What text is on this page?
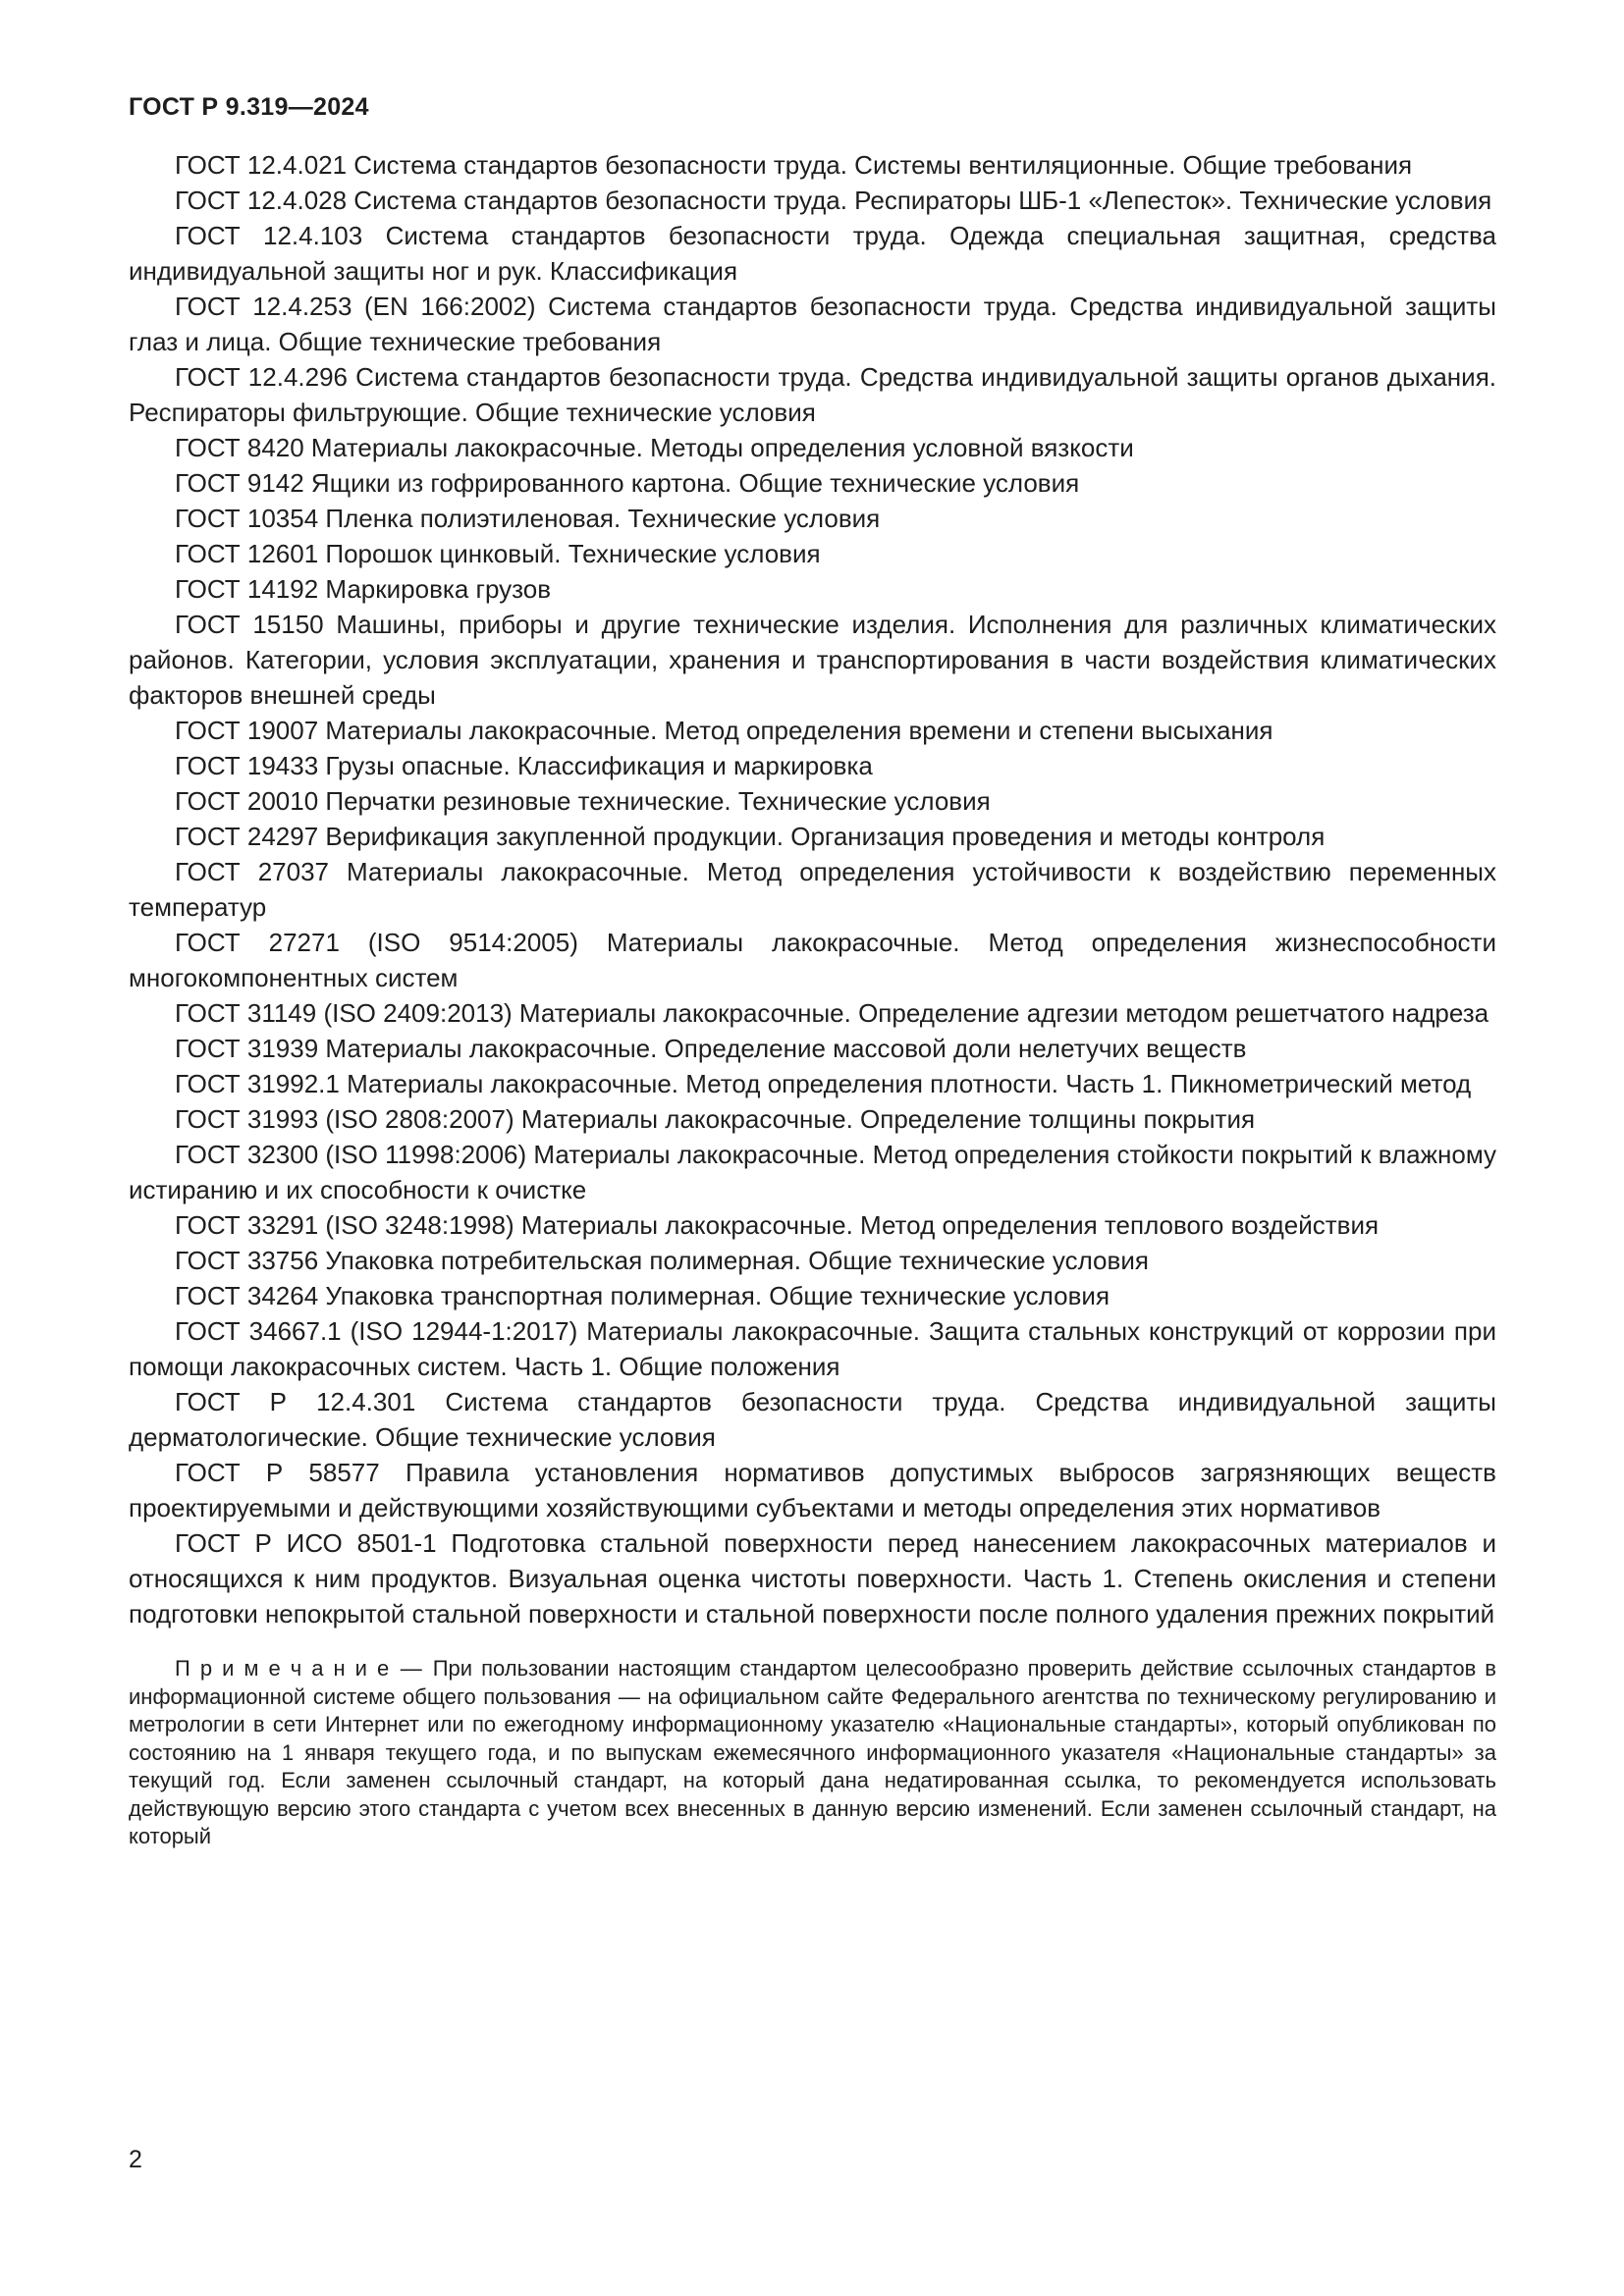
ГОСТ Р 9.319—2024

ГОСТ 12.4.021 Система стандартов безопасности труда. Системы вентиляционные. Общие требования

ГОСТ 12.4.028 Система стандартов безопасности труда. Респираторы ШБ-1 «Лепесток». Технические условия

ГОСТ 12.4.103 Система стандартов безопасности труда. Одежда специальная защитная, средства индивидуальной защиты ног и рук. Классификация

ГОСТ 12.4.253 (EN 166:2002) Система стандартов безопасности труда. Средства индивидуальной защиты глаз и лица. Общие технические требования

ГОСТ 12.4.296 Система стандартов безопасности труда. Средства индивидуальной защиты органов дыхания. Респираторы фильтрующие. Общие технические условия

ГОСТ 8420 Материалы лакокрасочные. Методы определения условной вязкости

ГОСТ 9142 Ящики из гофрированного картона. Общие технические условия

ГОСТ 10354 Пленка полиэтиленовая. Технические условия

ГОСТ 12601 Порошок цинковый. Технические условия

ГОСТ 14192 Маркировка грузов

ГОСТ 15150 Машины, приборы и другие технические изделия. Исполнения для различных климатических районов. Категории, условия эксплуатации, хранения и транспортирования в части воздействия климатических факторов внешней среды

ГОСТ 19007 Материалы лакокрасочные. Метод определения времени и степени высыхания

ГОСТ 19433 Грузы опасные. Классификация и маркировка

ГОСТ 20010 Перчатки резиновые технические. Технические условия

ГОСТ 24297 Верификация закупленной продукции. Организация проведения и методы контроля

ГОСТ 27037 Материалы лакокрасочные. Метод определения устойчивости к воздействию переменных температур

ГОСТ 27271 (ISO 9514:2005) Материалы лакокрасочные. Метод определения жизнеспособности многокомпонентных систем

ГОСТ 31149 (ISO 2409:2013) Материалы лакокрасочные. Определение адгезии методом решетчатого надреза

ГОСТ 31939 Материалы лакокрасочные. Определение массовой доли нелетучих веществ

ГОСТ 31992.1 Материалы лакокрасочные. Метод определения плотности. Часть 1. Пикнометрический метод

ГОСТ 31993 (ISO 2808:2007) Материалы лакокрасочные. Определение толщины покрытия

ГОСТ 32300 (ISO 11998:2006) Материалы лакокрасочные. Метод определения стойкости покрытий к влажному истиранию и их способности к очистке

ГОСТ 33291 (ISO 3248:1998) Материалы лакокрасочные. Метод определения теплового воздействия

ГОСТ 33756 Упаковка потребительская полимерная. Общие технические условия

ГОСТ 34264 Упаковка транспортная полимерная. Общие технические условия

ГОСТ 34667.1 (ISO 12944-1:2017) Материалы лакокрасочные. Защита стальных конструкций от коррозии при помощи лакокрасочных систем. Часть 1. Общие положения

ГОСТ Р 12.4.301 Система стандартов безопасности труда. Средства индивидуальной защиты дерматологические. Общие технические условия

ГОСТ Р 58577 Правила установления нормативов допустимых выбросов загрязняющих веществ проектируемыми и действующими хозяйствующими субъектами и методы определения этих нормативов

ГОСТ Р ИСО 8501-1 Подготовка стальной поверхности перед нанесением лакокрасочных материалов и относящихся к ним продуктов. Визуальная оценка чистоты поверхности. Часть 1. Степень окисления и степени подготовки непокрытой стальной поверхности и стальной поверхности после полного удаления прежних покрытий

П р и м е ч а н и е — При пользовании настоящим стандартом целесообразно проверить действие ссылочных стандартов в информационной системе общего пользования — на официальном сайте Федерального агентства по техническому регулированию и метрологии в сети Интернет или по ежегодному информационному указателю «Национальные стандарты», который опубликован по состоянию на 1 января текущего года, и по выпускам ежемесячного информационного указателя «Национальные стандарты» за текущий год. Если заменен ссылочный стандарт, на который дана недатированная ссылка, то рекомендуется использовать действующую версию этого стандарта с учетом всех внесенных в данную версию изменений. Если заменен ссылочный стандарт, на который

2
